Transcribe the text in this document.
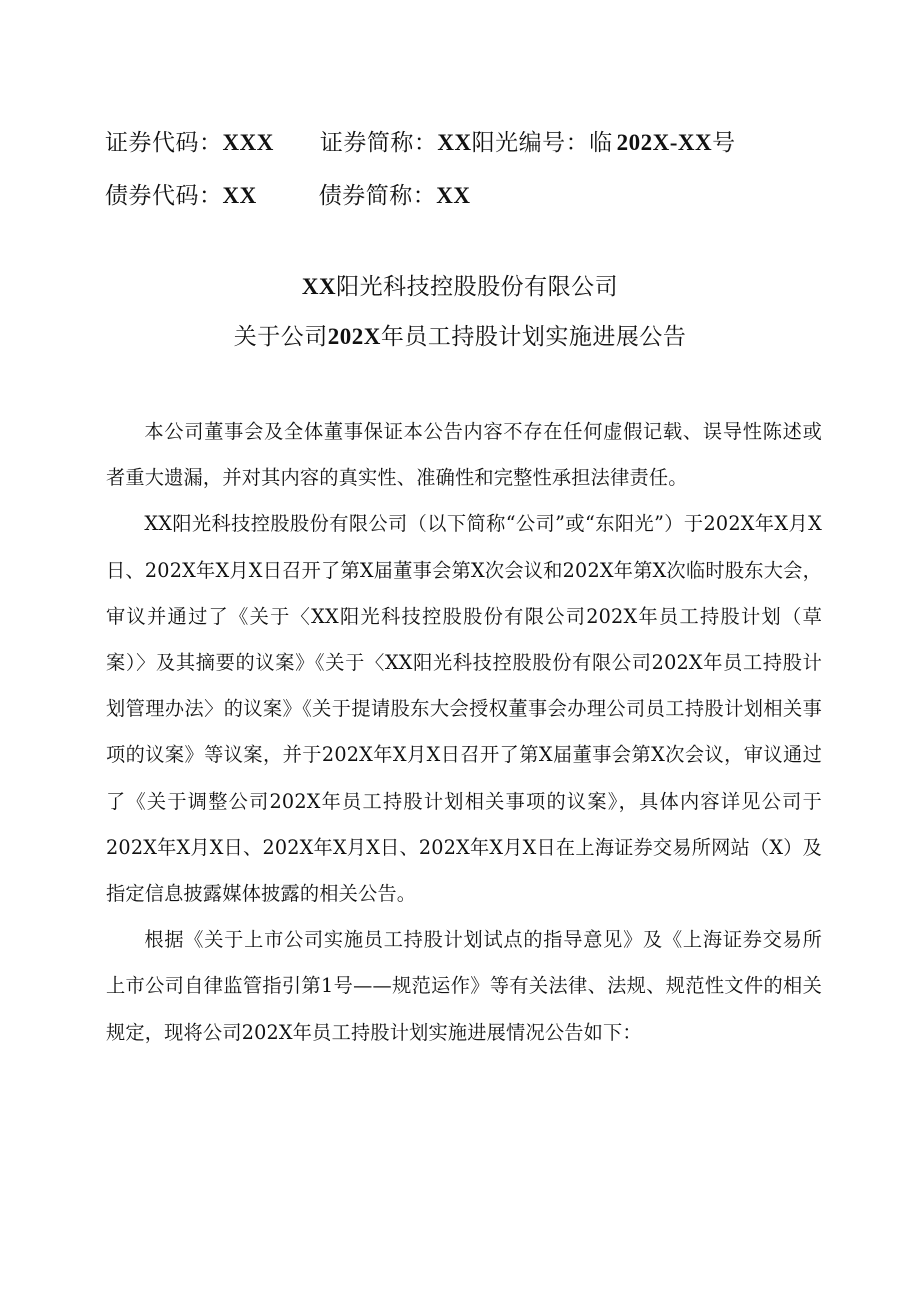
证券代码：XXX 证券简称：XX阳光编号：临 202X-XX号
债券代码：XX	债券简称：XX
XX阳光科技控股股份有限公司
关于公司202X年员工持股计划实施进展公告

本公司董事会及全体董事保证本公告内容不存在任何虚假记载、误导性陈述或者重大遗漏，并对其内容的真实性、准确性和完整性承担法律责任。

XX阳光科技控股股份有限公司（以下简称“公司”或“东阳光”）于202X年X月X日、202X年X月X日召开了第X届董事会第X次会议和202X年第X次临时股东大会，审议并通过了《关于〈XX阳光科技控股股份有限公司202X年员工持股计划（草案）〉及其摘要的议案》《关于〈XX阳光科技控股股份有限公司202X年员工持股计划管理办法〉的议案》《关于提请股东大会授权董事会办理公司员工持股计划相关事项的议案》等议案，并于202X年X月X日召开了第X届董事会第X次会议，审议通过了《关于调整公司202X年员工持股计划相关事项的议案》，具体内容详见公司于202X年X月X日、202X年X月X日、202X年X月X日在上海证券交易所网站（X）及指定信息披露媒体披露的相关公告。

根据《关于上市公司实施员工持股计划试点的指导意见》及《上海证券交易所上市公司自律监管指引第1号——规范运作》等有关法律、法规、规范性文件的相关规定，现将公司202X年员工持股计划实施进展情况公告如下：
